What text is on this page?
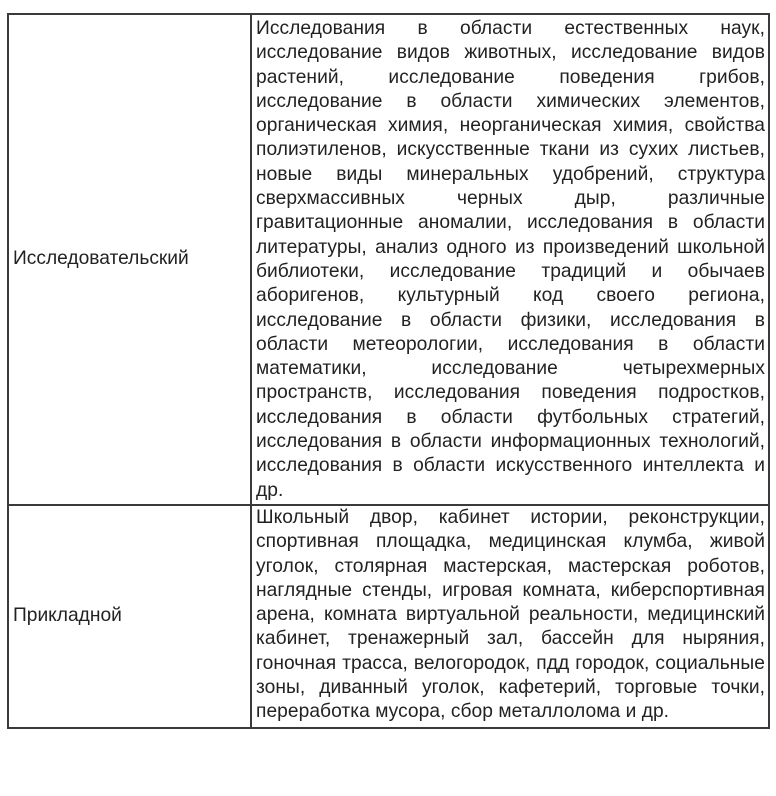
Исследовательский	Исследования в области естественных наук, исследование видов животных, исследование видов растений, исследование поведения грибов, исследование в области химических элементов, органическая химия, неорганическая химия, свойства полиэтиленов, искусственные ткани из сухих листьев, новые виды минеральных удобрений, структура сверхмассивных черных дыр, различные гравитационные аномалии, исследования в области литературы, анализ одного из произведений школьной библиотеки, исследование традиций и обычаев аборигенов, культурный код своего региона, исследование в области физики, исследования в области метеорологии, исследования в области математики, исследование четырехмерных пространств, исследования поведения подростков, исследования в области футбольных стратегий, исследования в области информационных технологий, исследования в области искусственного интеллекта и др.
Прикладной	Школьный двор, кабинет истории, реконструкции, спортивная площадка, медицинская клумба, живой уголок, столярная мастерская, мастерская роботов, наглядные стенды, игровая комната, киберспортивная арена, комната виртуальной реальности, медицинский кабинет, тренажерный зал, бассейн для ныряния, гоночная трасса, велогородок, пдд городок, социальные зоны, диванный уголок, кафетерий, торговые точки, переработка мусора, сбор металлолома и др.
